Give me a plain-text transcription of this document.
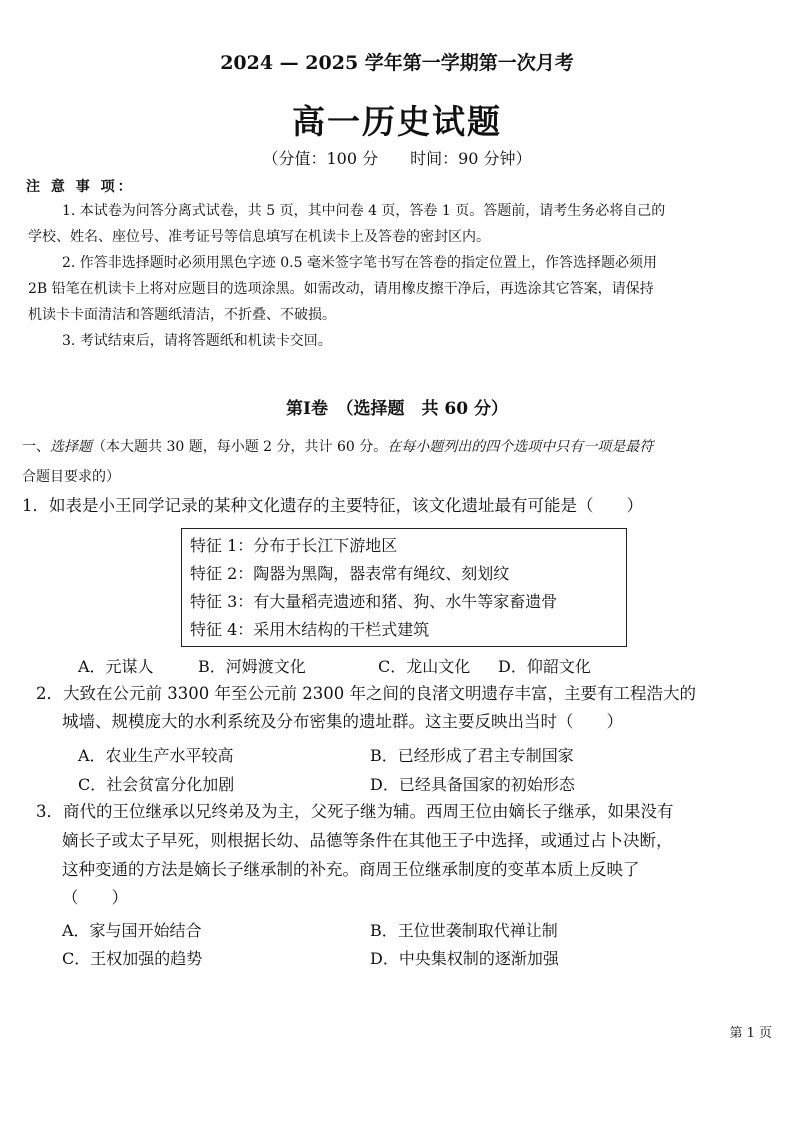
2024 — 2025 学年第一学期第一次月考
高一历史试题
（分值：100 分　　时间：90 分钟）
注 意 事 项：
1. 本试卷为问答分离式试卷，共 5 页，其中问卷 4 页，答卷 1 页。答题前，请考生务必将自己的
学校、姓名、座位号、准考证号等信息填写在机读卡上及答卷的密封区内。
2. 作答非选择题时必须用黑色字迹 0.5 毫米签字笔书写在答卷的指定位置上，作答选择题必须用
2B 铅笔在机读卡上将对应题目的选项涂黑。如需改动，请用橡皮擦干净后，再选涂其它答案，请保持
机读卡卡面清洁和答题纸清洁，不折叠、不破损。
3. 考试结束后，请将答题纸和机读卡交回。
第Ⅰ卷　（选择题　共 60 分）
一、选择题（本大题共 30 题，每小题 2 分，共计 60 分。在每小题列出的四个选项中只有一项是最符
合题目要求的）
1．如表是小王同学记录的某种文化遗存的主要特征，该文化遗址最有可能是（　　）
特征 1：分布于长江下游地区
特征 2：陶器为黑陶，器表常有绳纹、刻划纹
特征 3：有大量稻壳遗迹和猪、狗、水牛等家畜遗骨
特征 4：采用木结构的干栏式建筑
A．元谋人	B．河姆渡文化	C．龙山文化 D．仰韶文化
2．大致在公元前 3300 年至公元前 2300 年之间的良渚文明遗存丰富，主要有工程浩大的
城墙、规模庞大的水利系统及分布密集的遗址群。这主要反映出当时（　　）
A．农业生产水平较高	B．已经形成了君主专制国家
C．社会贫富分化加剧	D．已经具备国家的初始形态
3．商代的王位继承以兄终弟及为主，父死子继为辅。西周王位由嫡长子继承，如果没有
嫡长子或太子早死，则根据长幼、品德等条件在其他王子中选择，或通过占卜决断，
这种变通的方法是嫡长子继承制的补充。商周王位继承制度的变革本质上反映了
（　　）
A．家与国开始结合	B．王位世袭制取代禅让制
C．王权加强的趋势	D．中央集权制的逐渐加强
第 1 页
